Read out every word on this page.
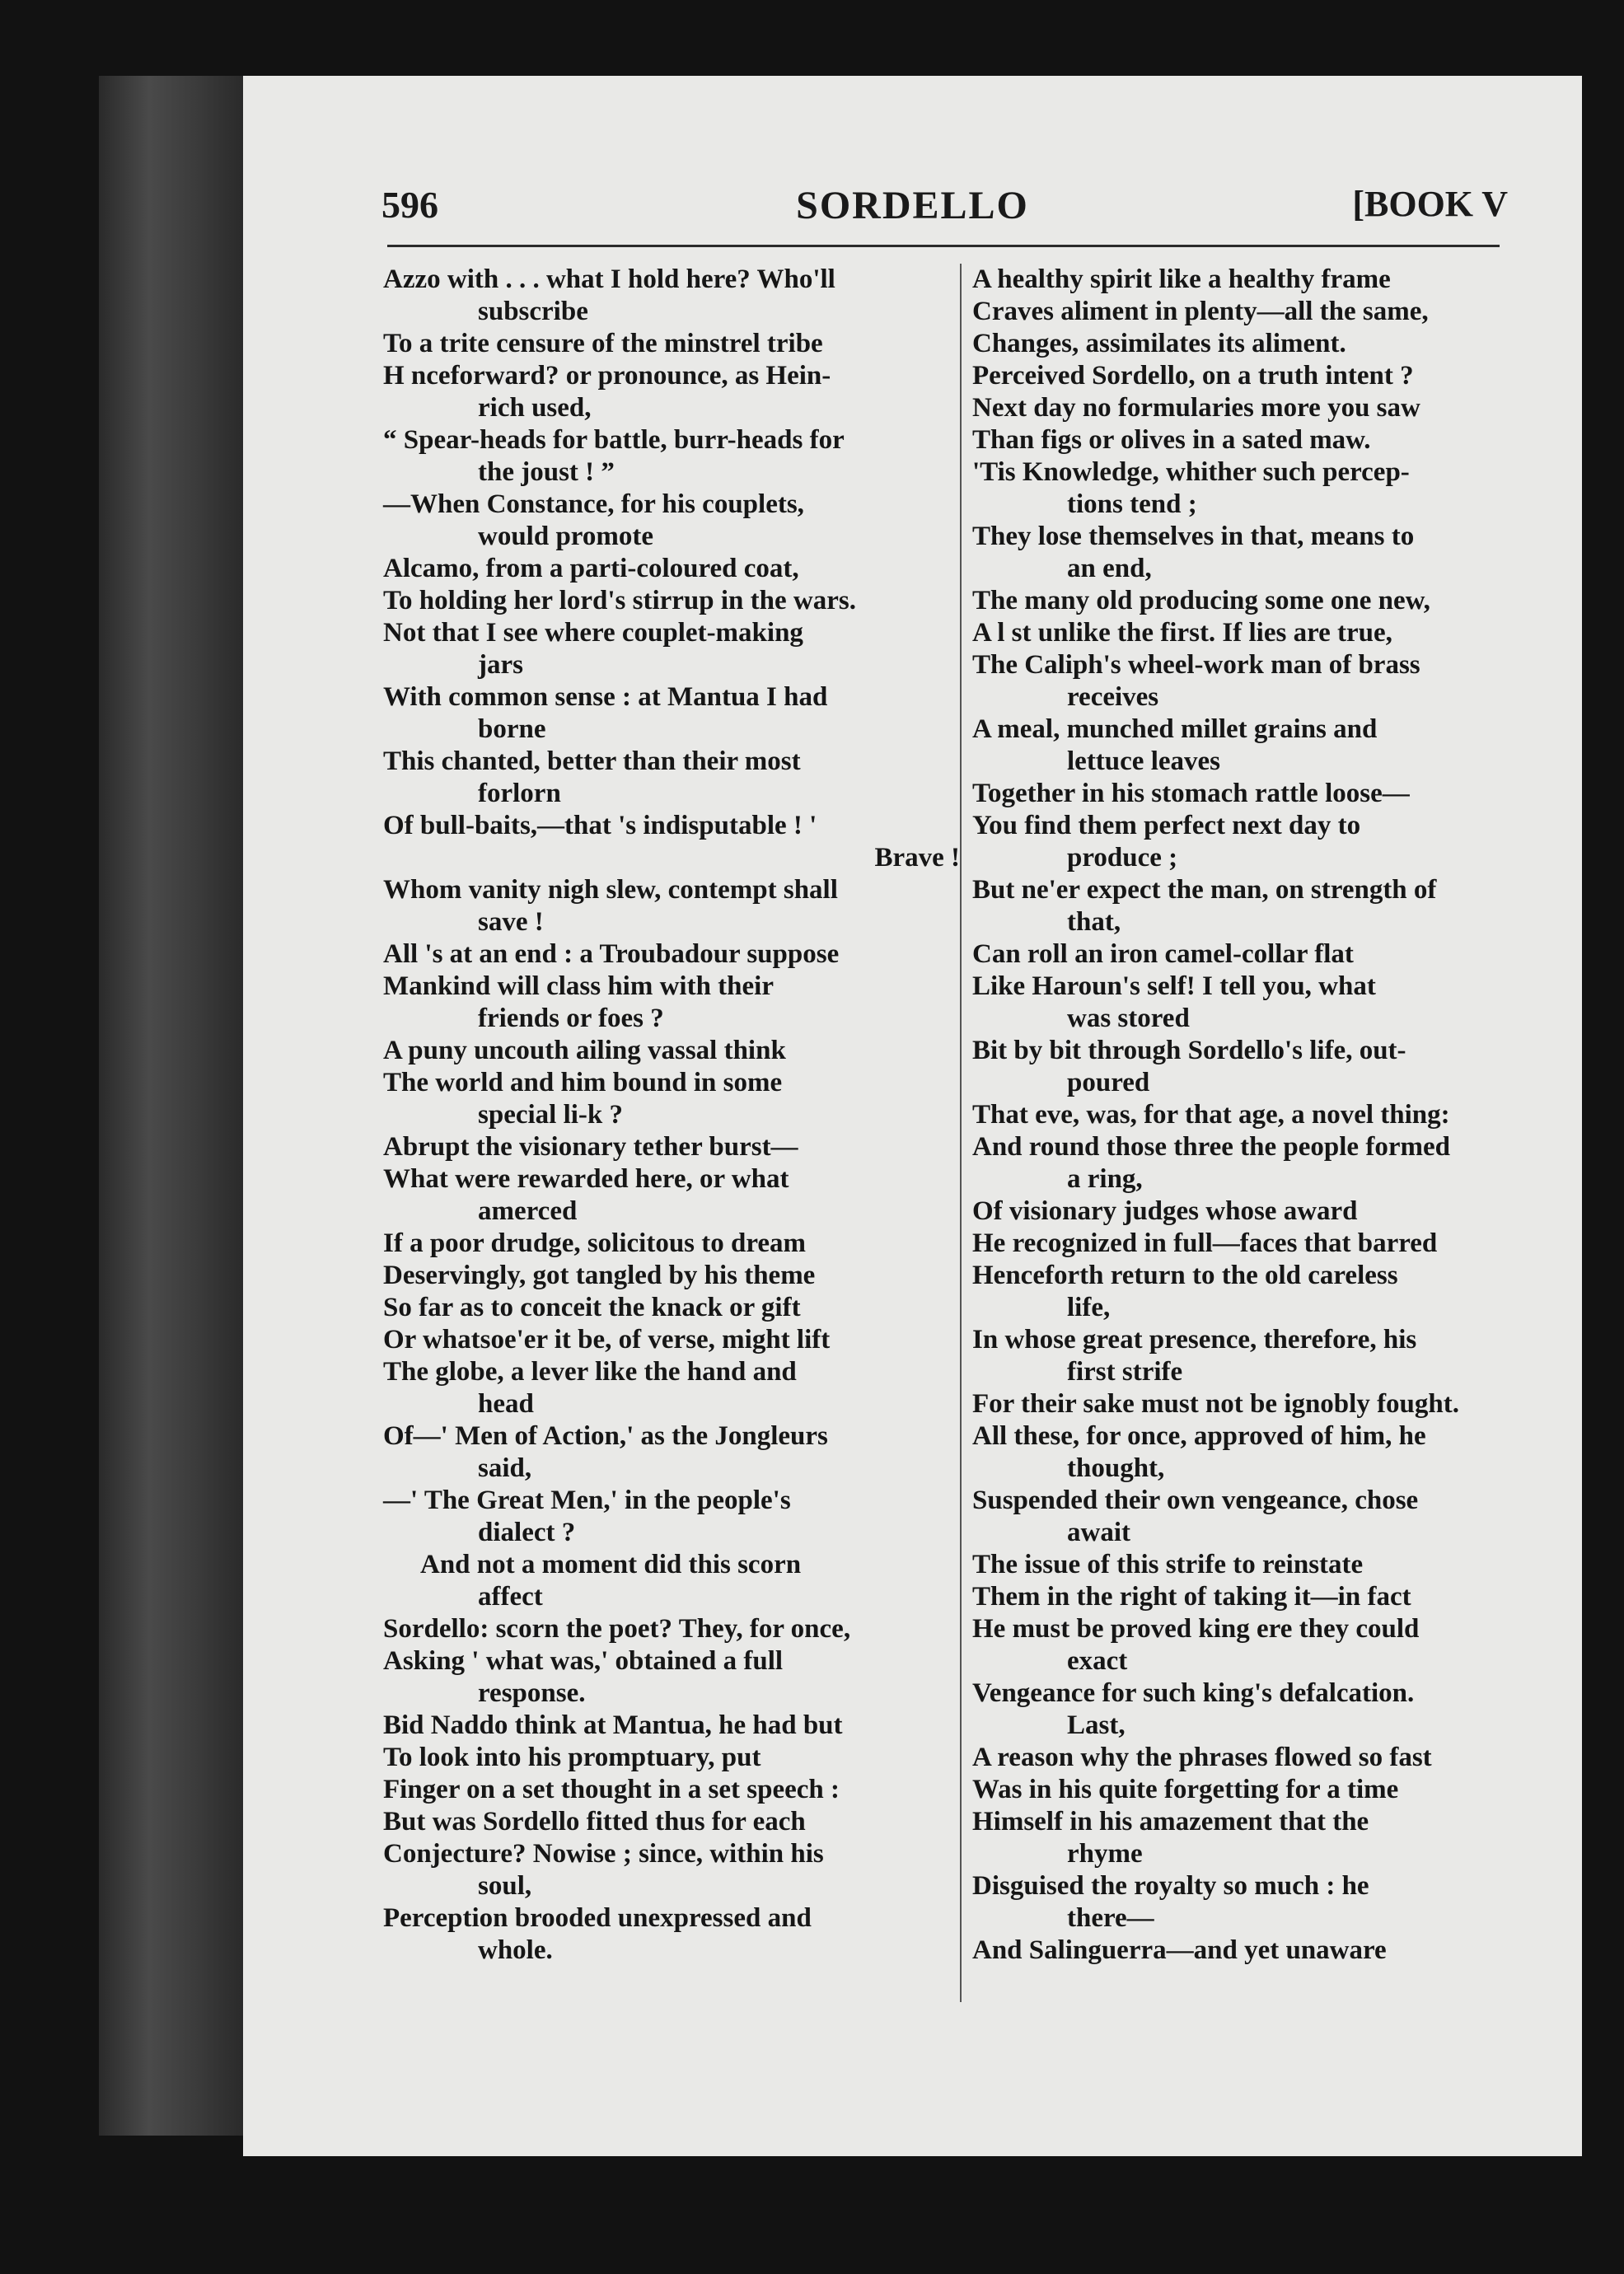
596	SORDELLO	[BOOK V
Azzo with . . . what I hold here? Who'll
subscribe
To a trite censure of the minstrel tribe
H nceforward? or pronounce, as Hein-
rich used,
“ Spear-heads for battle, burr-heads for
the joust ! ”
—When Constance, for his couplets,
would promote
Alcamo, from a parti-coloured coat,
To holding her lord's stirrup in the wars.
Not that I see where couplet-making
jars
With common sense : at Mantua I had
borne
This chanted, better than their most
forlorn
Of bull-baits,—that 's indisputable ! '
Brave !
Whom vanity nigh slew, contempt shall
save !
All 's at an end : a Troubadour suppose
Mankind will class him with their
friends or foes ?
A puny uncouth ailing vassal think
The world and him bound in some
special li-k ?
Abrupt the visionary tether burst—
What were rewarded here, or what
amerced
If a poor drudge, solicitous to dream
Deservingly, got tangled by his theme
So far as to conceit the knack or gift
Or whatsoe'er it be, of verse, might lift
The globe, a lever like the hand and
head
Of—' Men of Action,' as the Jongleurs
said,
—' The Great Men,' in the people's
dialect ?
And not a moment did this scorn
affect
Sordello: scorn the poet? They, for once,
Asking ' what was,' obtained a full
response.
Bid Naddo think at Mantua, he had but
To look into his promptuary, put
Finger on a set thought in a set speech :
But was Sordello fitted thus for each
Conjecture? Nowise ; since, within his
soul,
Perception brooded unexpressed and
whole.
A healthy spirit like a healthy frame
Craves aliment in plenty—all the same,
Changes, assimilates its aliment.
Perceived Sordello, on a truth intent ?
Next day no formularies more you saw
Than figs or olives in a sated maw.
'Tis Knowledge, whither such percep-
tions tend ;
They lose themselves in that, means to
an end,
The many old producing some one new,
A l st unlike the first. If lies are true,
The Caliph's wheel-work man of brass
receives
A meal, munched millet grains and
lettuce leaves
Together in his stomach rattle loose—
You find them perfect next day to
produce ;
But ne'er expect the man, on strength of
that,
Can roll an iron camel-collar flat
Like Haroun's self! I tell you, what
was stored
Bit by bit through Sordello's life, out-
poured
That eve, was, for that age, a novel thing:
And round those three the people formed
a ring,
Of visionary judges whose award
He recognized in full—faces that barred
Henceforth return to the old careless
life,
In whose great presence, therefore, his
first strife
For their sake must not be ignobly fought.
All these, for once, approved of him, he
thought,
Suspended their own vengeance, chose
await
The issue of this strife to reinstate
Them in the right of taking it—in fact
He must be proved king ere they could
exact
Vengeance for such king's defalcation.
Last,
A reason why the phrases flowed so fast
Was in his quite forgetting for a time
Himself in his amazement that the
rhyme
Disguised the royalty so much : he
there—
And Salinguerra—and yet unaware
